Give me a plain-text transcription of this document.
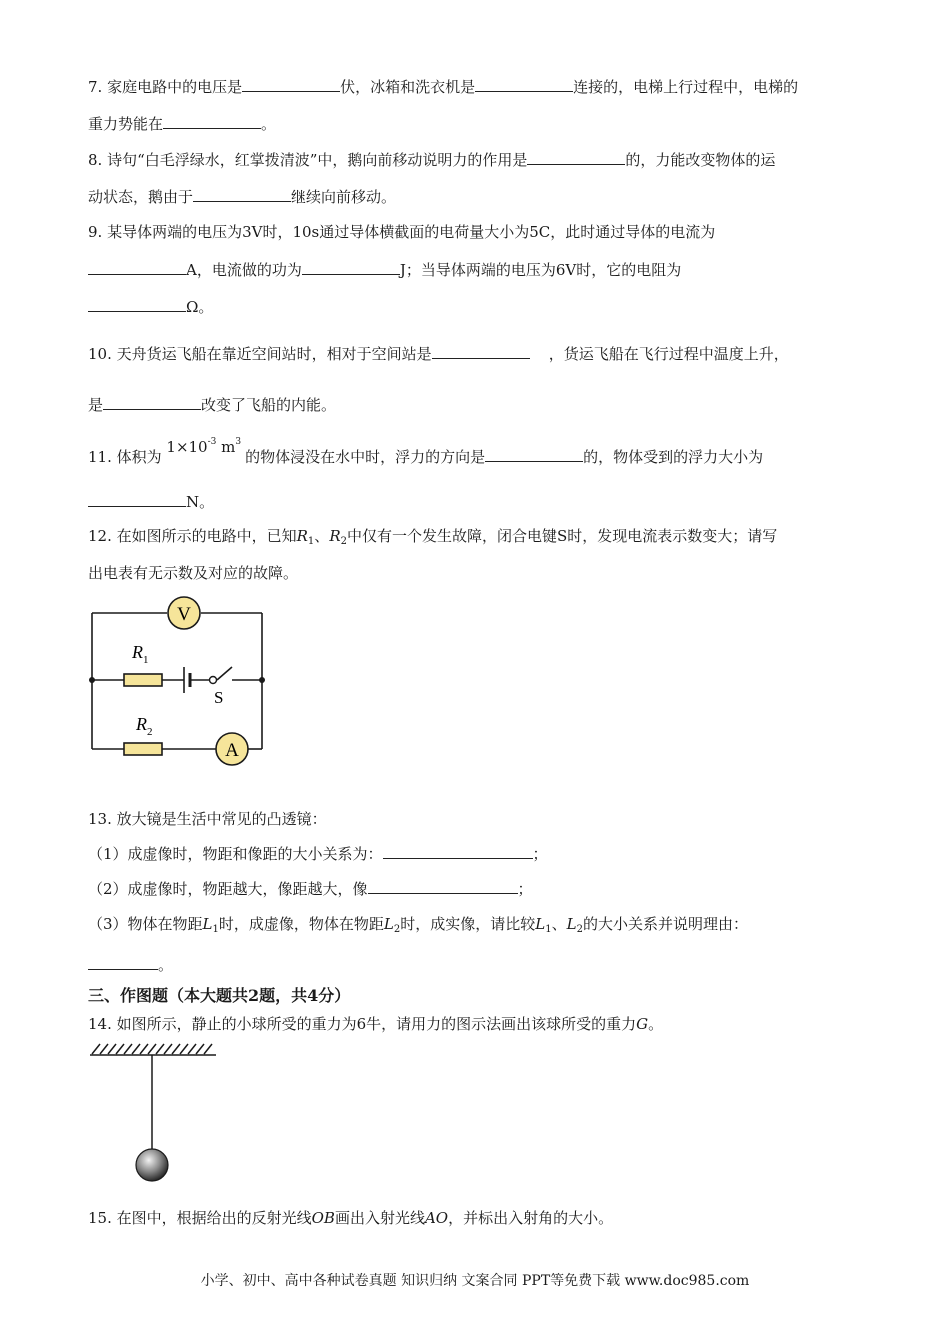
7. 家庭电路中的电压是	伏，冰箱和洗衣机是	连接的，电梯上行过程中，电梯的
重力势能在	。
8. 诗句“白毛浮绿水，红掌拨清波”中，鹅向前移动说明力的作用是	的，力能改变物体的运
动状态，鹅由于	继续向前移动。
9. 某导体两端的电压为3V时，10s通过导体横截面的电荷量大小为5C，此时通过导体的电流为
A，电流做的功为	J；当导体两端的电压为6V时，它的电阻为
Ω。
10. 天舟货运飞船在靠近空间站时，相对于空间站是	，货运飞船在飞行过程中温度上升，
是	改变了飞船的内能。
11. 体积为 $1\times 10^{-3}$ $m^3$的物体浸没在水中时，浮力的方向是	的，物体受到的浮力大小为
N。
12. 在如图所示的电路中，已知$R_1$、$R_2$中仅有一个发生故障，闭合电键S时，发现电流表示数变大；请写
出电表有无示数及对应的故障。
V
$R_1$
S
$R_2$
A
13. 放大镜是生活中常见的凸透镜：
（1）成虚像时，物距和像距的大小关系为：	；
（2）成虚像时，物距越大，像距越大，像	；
（3）物体在物距$L_1$时，成虚像，物体在物距$L_2$时，成实像，请比较$L_1$、$L_2$的大小关系并说明理由：
。
三、作图题（本大题共2题，共4分）
14. 如图所示，静止的小球所受的重力为6牛，请用力的图示法画出该球所受的重力G。
15. 在图中，根据给出的反射光线OB画出入射光线AO，并标出入射角的大小。
小学、初中、高中各种试卷真题 知识归纳 文案合同 PPT等免费下载 www.doc985.com
